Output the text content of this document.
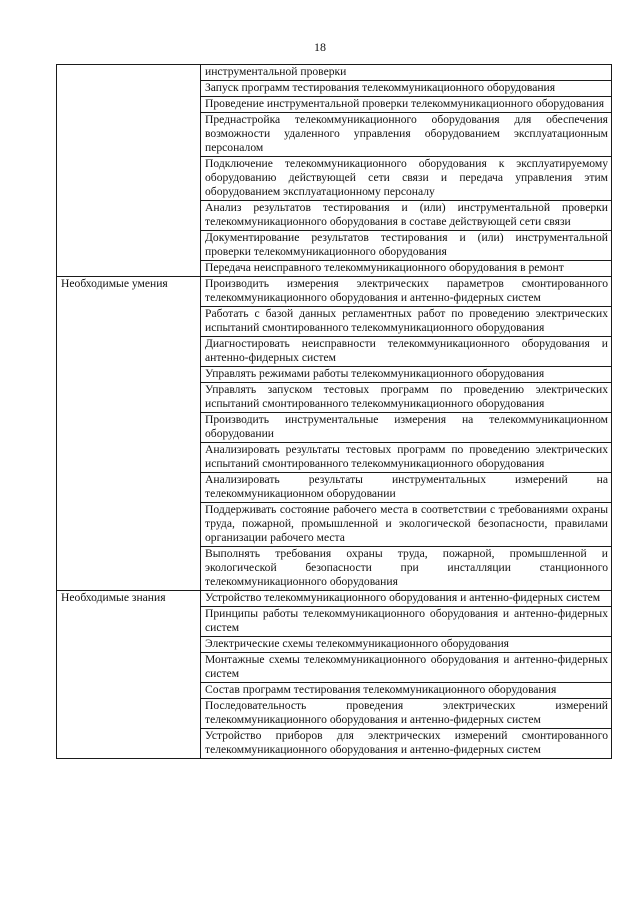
18
	инструментальной проверки
	Запуск программ тестирования телекоммуникационного оборудования
	Проведение инструментальной проверки телекоммуникационного оборудования
	Преднастройка телекоммуникационного оборудования для обеспечения возможности удаленного управления оборудованием эксплуатационным персоналом
	Подключение телекоммуникационного оборудования к эксплуатируемому оборудованию действующей сети связи и передача управления этим оборудованием эксплуатационному персоналу
	Анализ результатов тестирования и (или) инструментальной проверки телекоммуникационного оборудования в составе действующей сети связи
	Документирование результатов тестирования и (или) инструментальной проверки телекоммуникационного оборудования
	Передача неисправного телекоммуникационного оборудования в ремонт
Необходимые умения	Производить измерения электрических параметров смонтированного телекоммуникационного оборудования и антенно-фидерных систем
	Работать с базой данных регламентных работ по проведению электрических испытаний смонтированного телекоммуникационного оборудования
	Диагностировать неисправности телекоммуникационного оборудования и антенно-фидерных систем
	Управлять режимами работы телекоммуникационного оборудования
	Управлять запуском тестовых программ по проведению электрических испытаний смонтированного телекоммуникационного оборудования
	Производить инструментальные измерения на телекоммуникационном оборудовании
	Анализировать результаты тестовых программ по проведению электрических испытаний смонтированного телекоммуникационного оборудования
	Анализировать результаты инструментальных измерений на телекоммуникационном оборудовании
	Поддерживать состояние рабочего места в соответствии с требованиями охраны труда, пожарной, промышленной и экологической безопасности, правилами организации рабочего места
	Выполнять требования охраны труда, пожарной, промышленной и экологической безопасности при инсталляции станционного телекоммуникационного оборудования
Необходимые знания	Устройство телекоммуникационного оборудования и антенно-фидерных систем
	Принципы работы телекоммуникационного оборудования и антенно-фидерных систем
	Электрические схемы телекоммуникационного оборудования
	Монтажные схемы телекоммуникационного оборудования и антенно-фидерных систем
	Состав программ тестирования телекоммуникационного оборудования
	Последовательность проведения электрических измерений телекоммуникационного оборудования и антенно-фидерных систем
	Устройство приборов для электрических измерений смонтированного телекоммуникационного оборудования и антенно-фидерных систем
